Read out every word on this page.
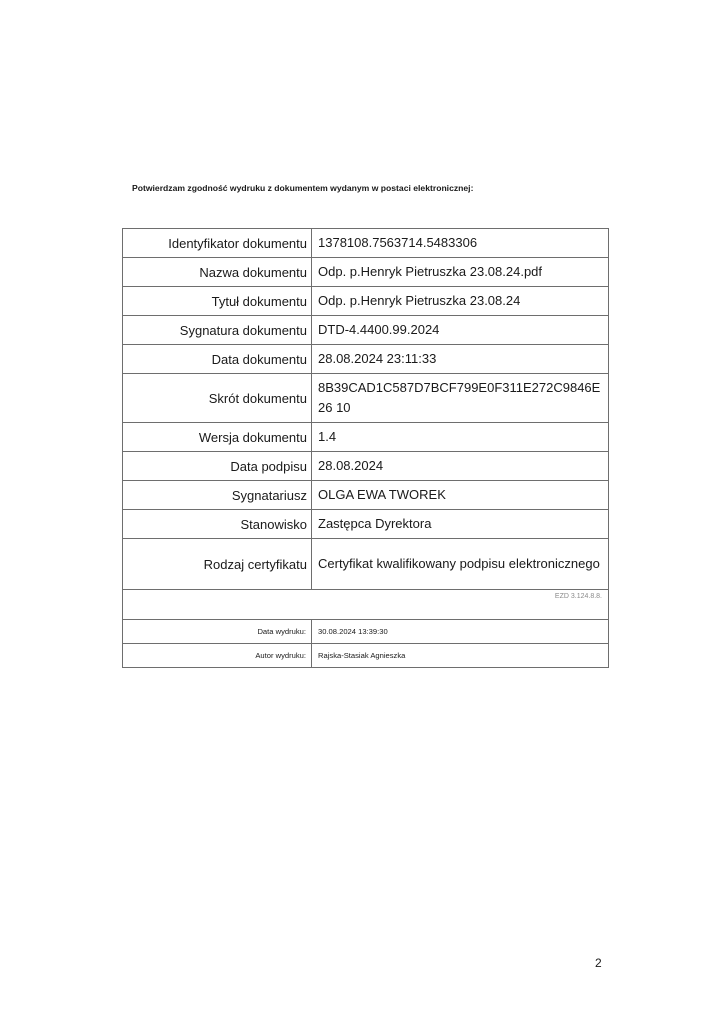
Potwierdzam zgodność wydruku z dokumentem wydanym w postaci elektronicznej:
Identyfikator dokumentu	1378108.7563714.5483306
Nazwa dokumentu	Odp. p.Henryk Pietruszka 23.08.24.pdf
Tytuł dokumentu	Odp. p.Henryk Pietruszka 23.08.24
Sygnatura dokumentu	DTD-4.4400.99.2024
Data dokumentu	28.08.2024 23:11:33
Skrót dokumentu	8B39CAD1C587D7BCF799E0F311E272C9846E26 10
Wersja dokumentu	1.4
Data podpisu	28.08.2024
Sygnatariusz	OLGA EWA TWOREK
Stanowisko	Zastępca Dyrektora
Rodzaj certyfikatu	Certyfikat kwalifikowany podpisu elektronicznego
EZD 3.124.8.8.	
Data wydruku:	30.08.2024 13:39:30
Autor wydruku:	Rajska-Stasiak Agnieszka
2
